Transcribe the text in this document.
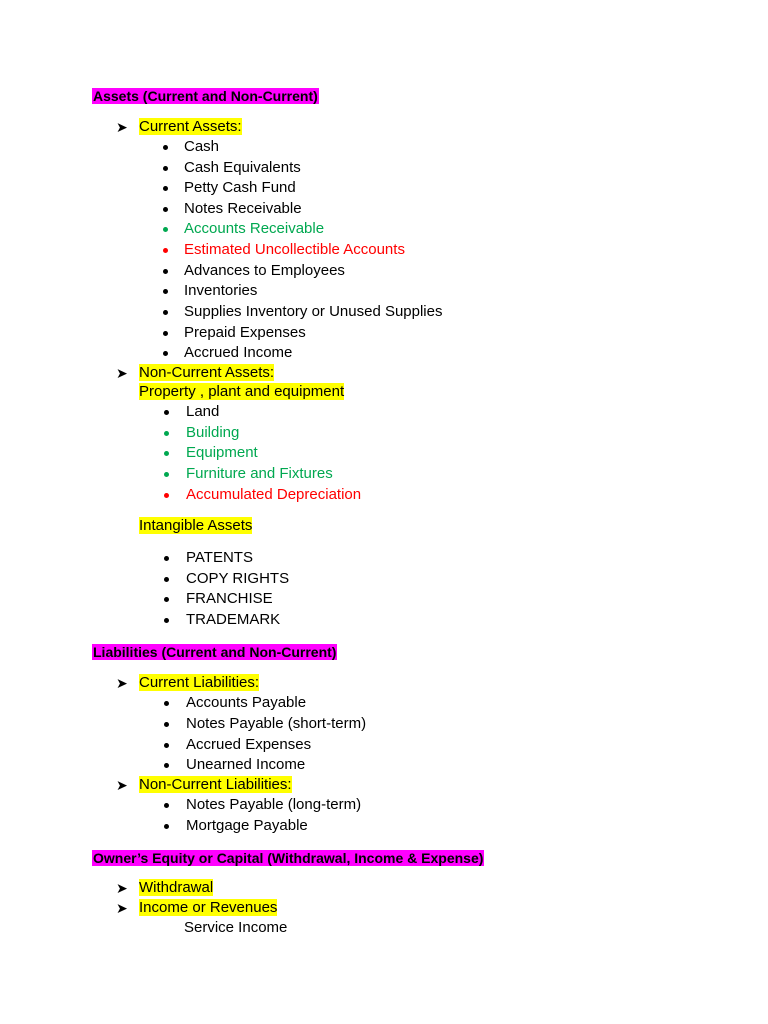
Assets (Current and Non-Current)
➤ Current Assets:
Cash
Cash Equivalents
Petty Cash Fund
Notes Receivable
Accounts Receivable
Estimated Uncollectible Accounts
Advances to Employees
Inventories
Supplies Inventory or Unused Supplies
Prepaid Expenses
Accrued Income
➤ Non-Current Assets:
Property , plant and equipment
Land
Building
Equipment
Furniture and Fixtures
Accumulated Depreciation
Intangible Assets
PATENTS
COPY RIGHTS
FRANCHISE
TRADEMARK
Liabilities (Current and Non-Current)
➤ Current Liabilities:
Accounts Payable
Notes Payable (short-term)
Accrued Expenses
Unearned Income
➤ Non-Current Liabilities:
Notes Payable (long-term)
Mortgage Payable
Owner’s Equity or Capital (Withdrawal, Income & Expense)
➤ Withdrawal
➤ Income or Revenues
Service Income
